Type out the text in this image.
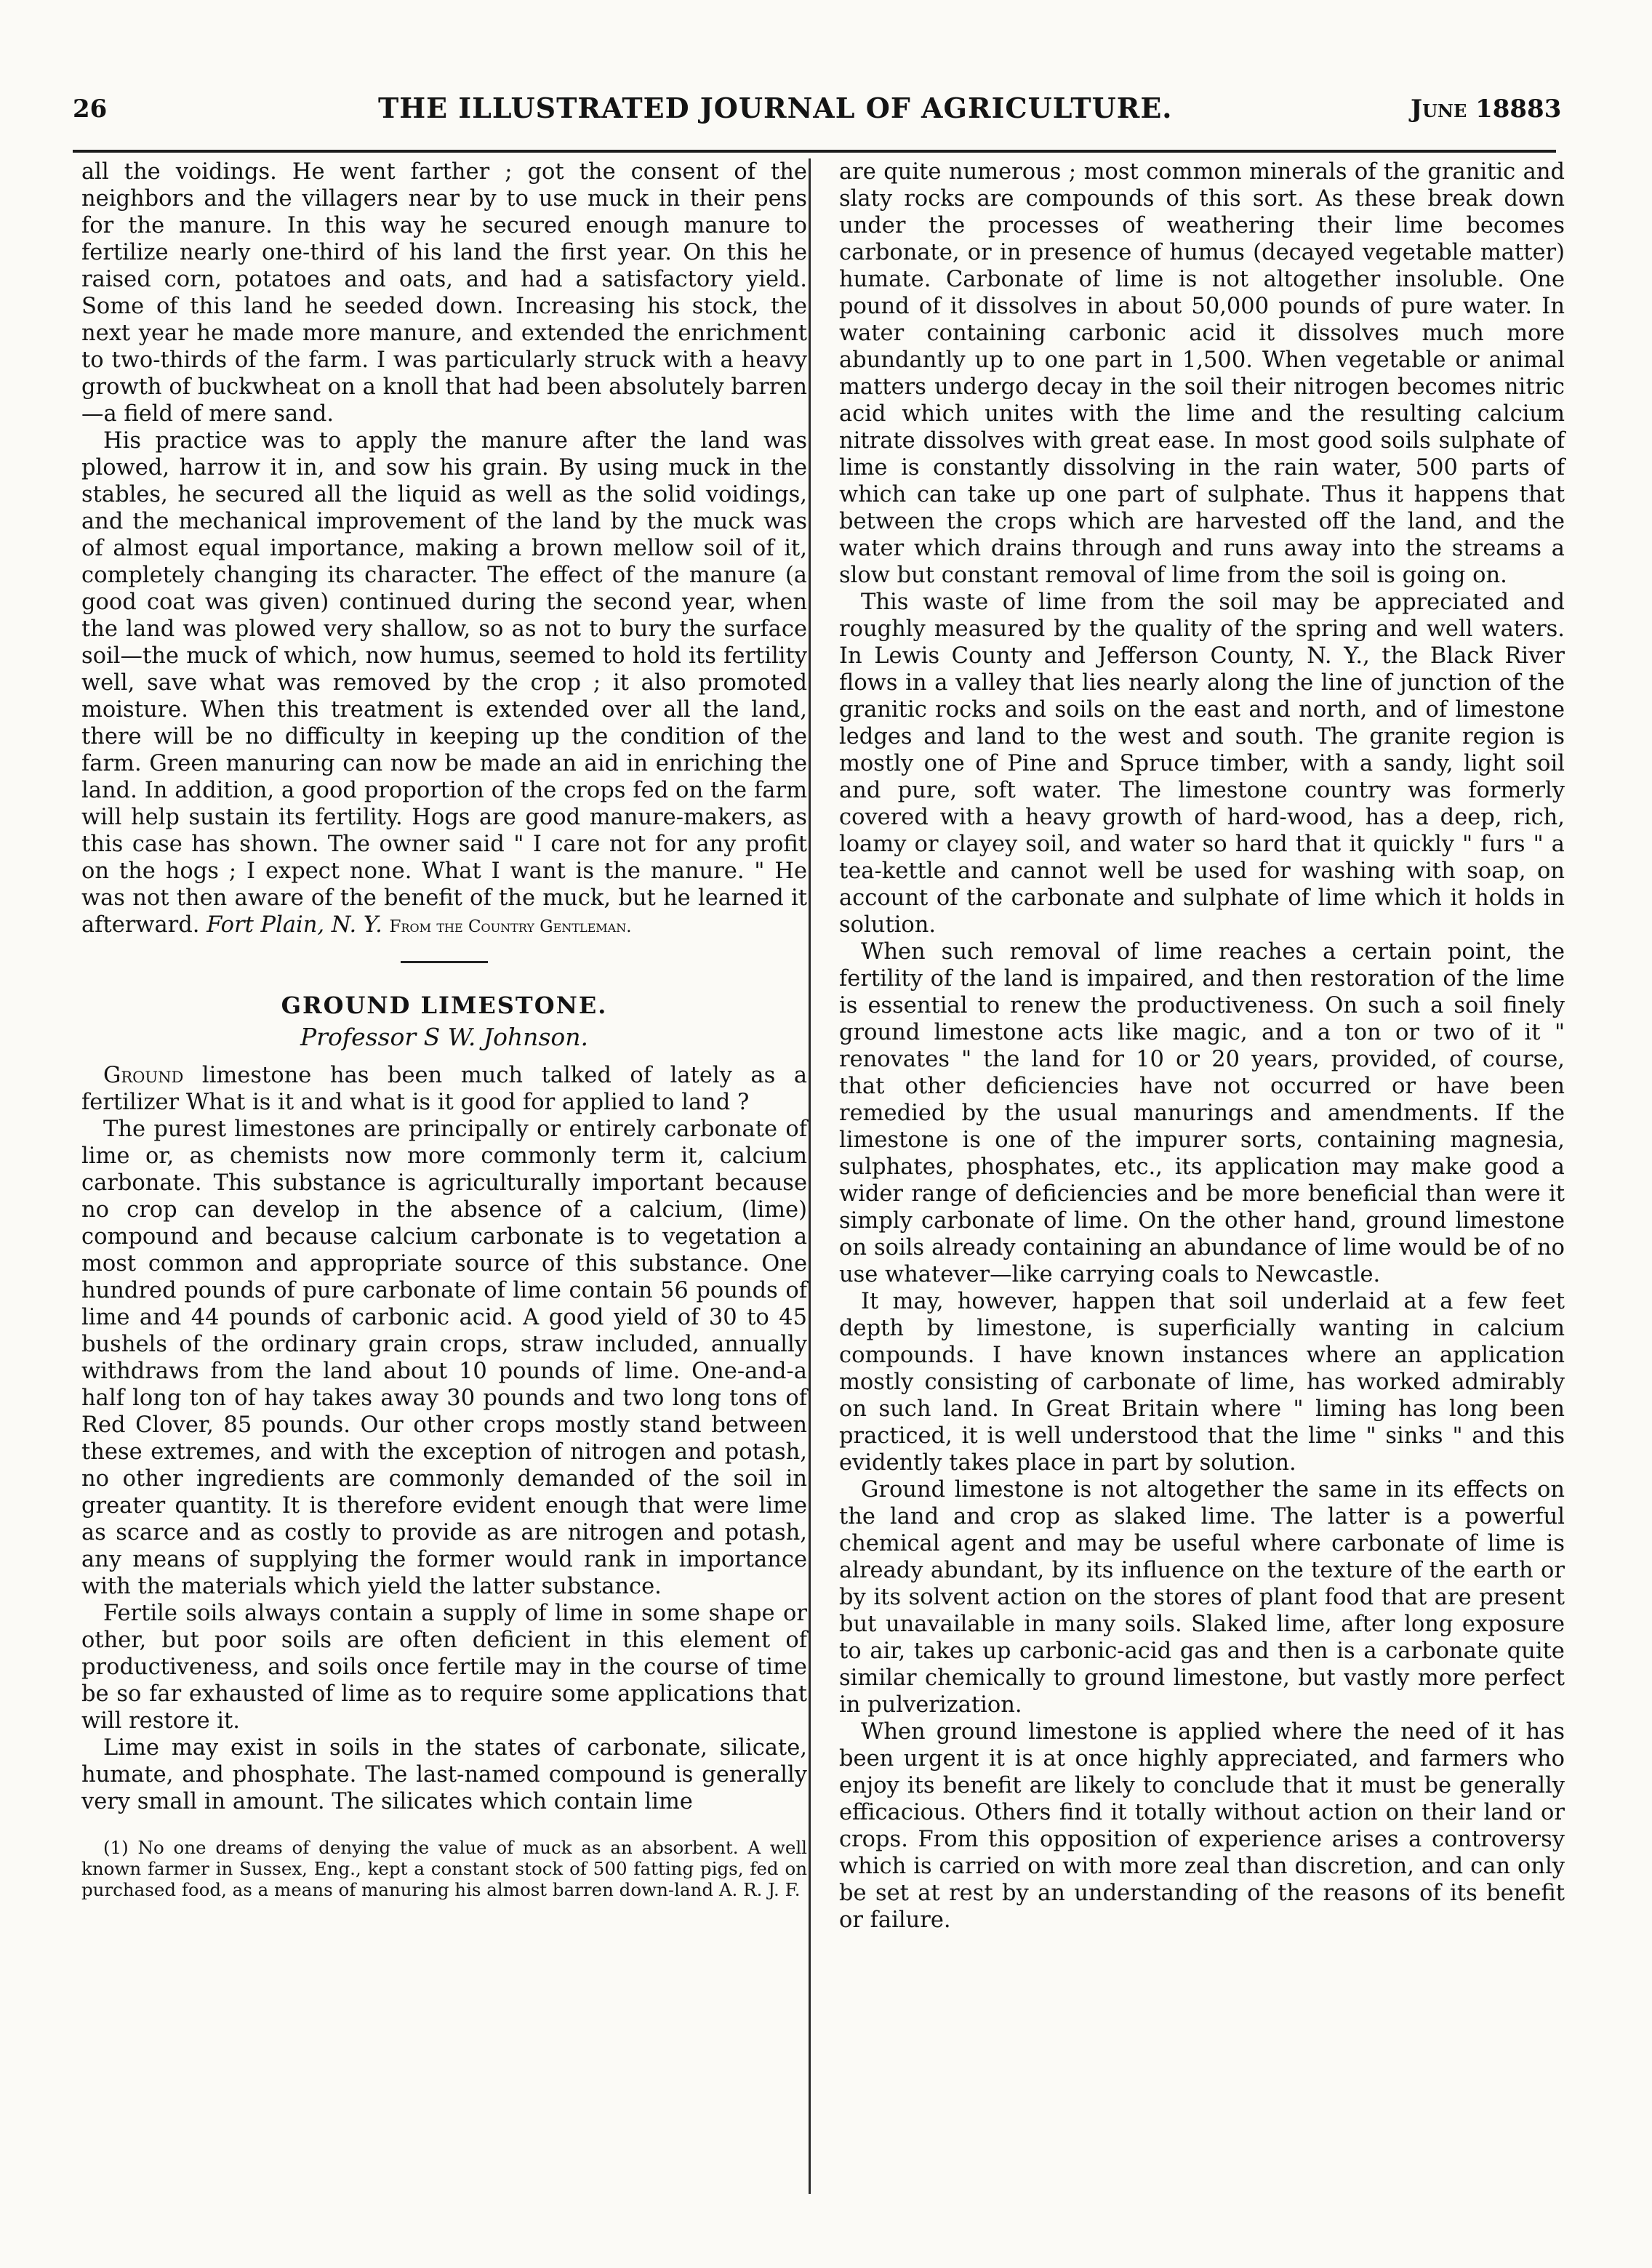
26	THE ILLUSTRATED JOURNAL OF AGRICULTURE.	June 18883

all the voidings. He went farther ; got the consent of the neighbors and the villagers near by to use muck in their pens for the manure. In this way he secured enough manure to fertilize nearly one-third of his land the first year. On this he raised corn, potatoes and oats, and had a satisfactory yield. Some of this land he seeded down. Increasing his stock, the next year he made more manure, and extended the enrichment to two-thirds of the farm. I was particularly struck with a heavy growth of buckwheat on a knoll that had been absolutely barren—a field of mere sand.

His practice was to apply the manure after the land was plowed, harrow it in, and sow his grain. By using muck in the stables, he secured all the liquid as well as the solid voidings, and the mechanical improvement of the land by the muck was of almost equal importance, making a brown mellow soil of it, completely changing its character. The effect of the manure (a good coat was given) continued during the second year, when the land was plowed very shallow, so as not to bury the surface soil—the muck of which, now humus, seemed to hold its fertility well, save what was removed by the crop ; it also promoted moisture. When this treatment is extended over all the land, there will be no difficulty in keeping up the condition of the farm. Green manuring can now be made an aid in enriching the land. In addition, a good proportion of the crops fed on the farm will help sustain its fertility. Hogs are good manure-makers, as this case has shown. The owner said " I care not for any profit on the hogs ; I expect none. What I want is the manure. " He was not then aware of the benefit of the muck, but he learned it afterward. Fort Plain, N. Y. From the Country Gentleman.

GROUND LIMESTONE.
Professor S W. Johnson.

Ground limestone has been much talked of lately as a fertilizer What is it and what is it good for applied to land ?

The purest limestones are principally or entirely carbonate of lime or, as chemists now more commonly term it, calcium carbonate. This substance is agriculturally important because no crop can develop in the absence of a calcium, (lime) compound and because calcium carbonate is to vegetation a most common and appropriate source of this substance. One hundred pounds of pure carbonate of lime contain 56 pounds of lime and 44 pounds of carbonic acid. A good yield of 30 to 45 bushels of the ordinary grain crops, straw included, annually withdraws from the land about 10 pounds of lime. One-and-a half long ton of hay takes away 30 pounds and two long tons of Red Clover, 85 pounds. Our other crops mostly stand between these extremes, and with the exception of nitrogen and potash, no other ingredients are commonly demanded of the soil in greater quantity. It is therefore evident enough that were lime as scarce and as costly to provide as are nitrogen and potash, any means of supplying the former would rank in importance with the materials which yield the latter substance.

Fertile soils always contain a supply of lime in some shape or other, but poor soils are often deficient in this element of productiveness, and soils once fertile may in the course of time be so far exhausted of lime as to require some applications that will restore it.

Lime may exist in soils in the states of carbonate, silicate, humate, and phosphate. The last-named compound is generally very small in amount. The silicates which contain lime

(1) No one dreams of denying the value of muck as an absorbent. A well known farmer in Sussex, Eng., kept a constant stock of 500 fatting pigs, fed on purchased food, as a means of manuring his almost barren down-land A. R. J. F.

are quite numerous ; most common minerals of the granitic and slaty rocks are compounds of this sort. As these break down under the processes of weathering their lime becomes carbonate, or in presence of humus (decayed vegetable matter) humate. Carbonate of lime is not altogether insoluble. One pound of it dissolves in about 50,000 pounds of pure water. In water containing carbonic acid it dissolves much more abundantly up to one part in 1,500. When vegetable or animal matters undergo decay in the soil their nitrogen becomes nitric acid which unites with the lime and the resulting calcium nitrate dissolves with great ease. In most good soils sulphate of lime is constantly dissolving in the rain water, 500 parts of which can take up one part of sulphate. Thus it happens that between the crops which are harvested off the land, and the water which drains through and runs away into the streams a slow but constant removal of lime from the soil is going on.

This waste of lime from the soil may be appreciated and roughly measured by the quality of the spring and well waters. In Lewis County and Jefferson County, N. Y., the Black River flows in a valley that lies nearly along the line of junction of the granitic rocks and soils on the east and north, and of limestone ledges and land to the west and south. The granite region is mostly one of Pine and Spruce timber, with a sandy, light soil and pure, soft water. The limestone country was formerly covered with a heavy growth of hard-wood, has a deep, rich, loamy or clayey soil, and water so hard that it quickly " furs " a tea-kettle and cannot well be used for washing with soap, on account of the carbonate and sulphate of lime which it holds in solution.

When such removal of lime reaches a certain point, the fertility of the land is impaired, and then restoration of the lime is essential to renew the productiveness. On such a soil finely ground limestone acts like magic, and a ton or two of it " renovates " the land for 10 or 20 years, provided, of course, that other deficiencies have not occurred or have been remedied by the usual manurings and amendments. If the limestone is one of the impurer sorts, containing magnesia, sulphates, phosphates, etc., its application may make good a wider range of deficiencies and be more beneficial than were it simply carbonate of lime. On the other hand, ground limestone on soils already containing an abundance of lime would be of no use whatever—like carrying coals to Newcastle.

It may, however, happen that soil underlaid at a few feet depth by limestone, is superficially wanting in calcium compounds. I have known instances where an application mostly consisting of carbonate of lime, has worked admirably on such land. In Great Britain where " liming has long been practiced, it is well understood that the lime " sinks " and this evidently takes place in part by solution.

Ground limestone is not altogether the same in its effects on the land and crop as slaked lime. The latter is a powerful chemical agent and may be useful where carbonate of lime is already abundant, by its influence on the texture of the earth or by its solvent action on the stores of plant food that are present but unavailable in many soils. Slaked lime, after long exposure to air, takes up carbonic-acid gas and then is a carbonate quite similar chemically to ground limestone, but vastly more perfect in pulverization.

When ground limestone is applied where the need of it has been urgent it is at once highly appreciated, and farmers who enjoy its benefit are likely to conclude that it must be generally efficacious. Others find it totally without action on their land or crops. From this opposition of experience arises a controversy which is carried on with more zeal than discretion, and can only be set at rest by an understanding of the reasons of its benefit or failure.
